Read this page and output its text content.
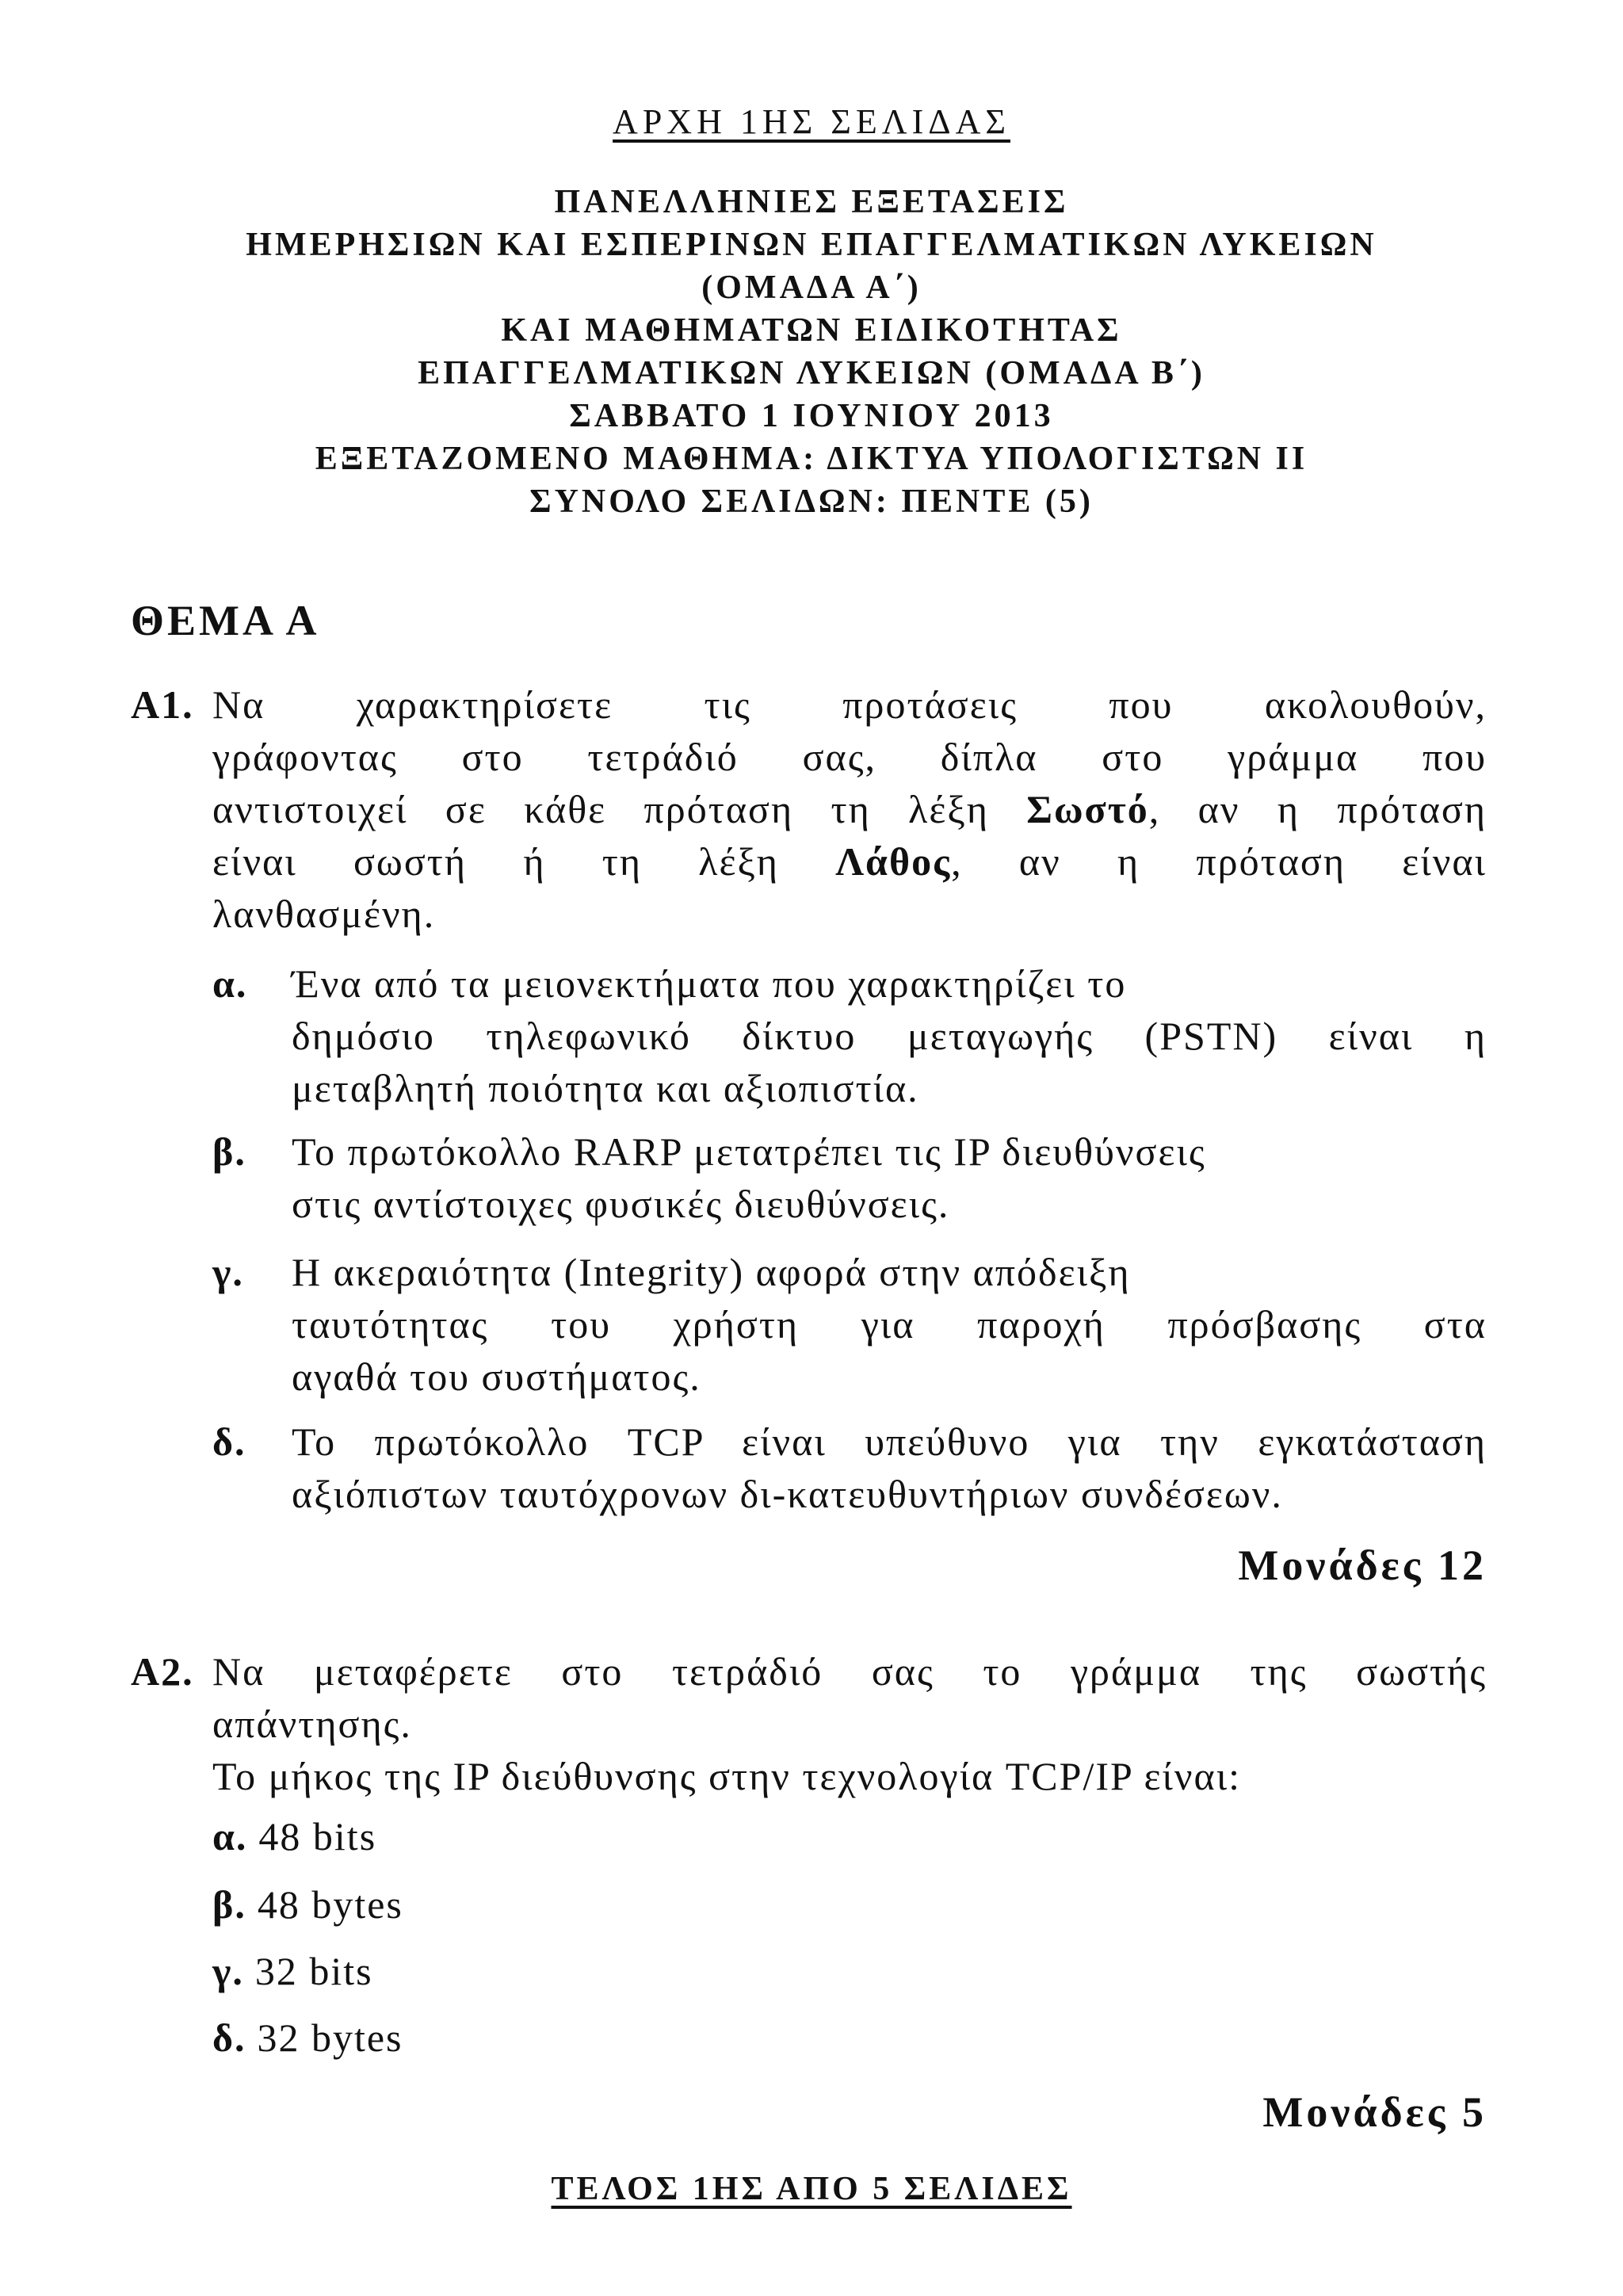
ΑΡΧΗ 1ΗΣ ΣΕΛΙΔΑΣ
ΠΑΝΕΛΛΗΝΙΕΣ ΕΞΕΤΑΣΕΙΣ
ΗΜΕΡΗΣΙΩΝ ΚΑΙ ΕΣΠΕΡΙΝΩΝ ΕΠΑΓΓΕΛΜΑΤΙΚΩΝ ΛΥΚΕΙΩΝ
(ΟΜΑΔΑ Α΄)
ΚΑΙ ΜΑΘΗΜΑΤΩΝ ΕΙΔΙΚΟΤΗΤΑΣ
ΕΠΑΓΓΕΛΜΑΤΙΚΩΝ ΛΥΚΕΙΩΝ (ΟΜΑΔΑ Β΄)
ΣΑΒΒΑΤΟ 1 ΙΟΥΝΙΟΥ 2013
ΕΞΕΤΑΖΟΜΕΝΟ ΜΑΘΗΜΑ: ΔΙΚΤΥΑ ΥΠΟΛΟΓΙΣΤΩΝ ΙΙ
ΣΥΝΟΛΟ ΣΕΛΙΔΩΝ: ΠΕΝΤΕ (5)
ΘΕΜΑ Α
Α1. Να χαρακτηρίσετε τις προτάσεις που ακολουθούν,
γράφοντας στο τετράδιό σας, δίπλα στο γράμμα που
αντιστοιχεί σε κάθε πρόταση τη λέξη Σωστό, αν η πρόταση
είναι σωστή ή τη λέξη Λάθος, αν η πρόταση είναι
λανθασμένη.
α. Ένα από τα μειονεκτήματα που χαρακτηρίζει το
δημόσιο τηλεφωνικό δίκτυο μεταγωγής (PSTN) είναι η
μεταβλητή ποιότητα και αξιοπιστία.
β. Το πρωτόκολλο RARP μετατρέπει τις IP διευθύνσεις
στις αντίστοιχες φυσικές διευθύνσεις.
γ. Η ακεραιότητα (Integrity) αφορά στην απόδειξη
ταυτότητας του χρήστη για παροχή πρόσβασης στα
αγαθά του συστήματος.
δ. Το πρωτόκολλο TCP είναι υπεύθυνο για την εγκατάσταση
αξιόπιστων ταυτόχρονων δι-κατευθυντήριων συνδέσεων.
Μονάδες 12
Α2. Να μεταφέρετε στο τετράδιό σας το γράμμα της σωστής
απάντησης.
Το μήκος της IP διεύθυνσης στην τεχνολογία TCP/IP είναι:
α. 48 bits
β. 48 bytes
γ. 32 bits
δ. 32 bytes
Μονάδες 5
ΤΕΛΟΣ 1ΗΣ ΑΠΟ 5 ΣΕΛΙΔΕΣ
